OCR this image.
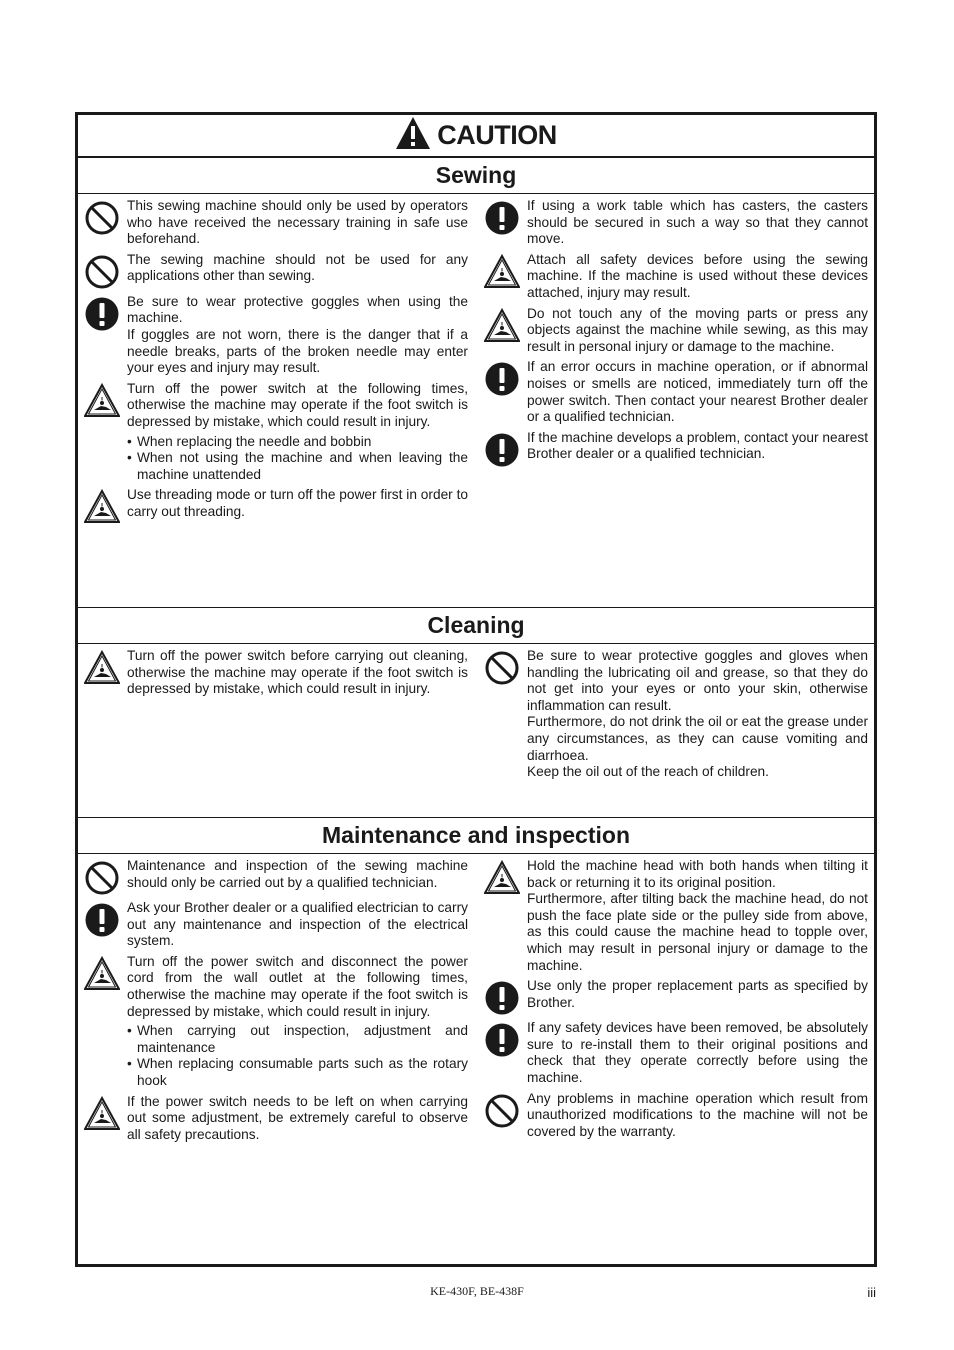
CAUTION
Sewing
This sewing machine should only be used by operators who have received the necessary training in safe use beforehand.
The sewing machine should not be used for any applications other than sewing.
Be sure to wear protective goggles when using the machine.
If goggles are not worn, there is the danger that if a needle breaks, parts of the broken needle may enter your eyes and injury may result.
Turn off the power switch at the following times, otherwise the machine may operate if the foot switch is depressed by mistake, which could result in injury.
• When replacing the needle and bobbin
• When not using the machine and when leaving the machine unattended
Use threading mode or turn off the power first in order to carry out threading.
If using a work table which has casters, the casters should be secured in such a way so that they cannot move.
Attach all safety devices before using the sewing machine. If the machine is used without these devices attached, injury may result.
Do not touch any of the moving parts or press any objects against the machine while sewing, as this may result in personal injury or damage to the machine.
If an error occurs in machine operation, or if abnormal noises or smells are noticed, immediately turn off the power switch. Then contact your nearest Brother dealer or a qualified technician.
If the machine develops a problem, contact your nearest Brother dealer or a qualified technician.
Cleaning
Turn off the power switch before carrying out cleaning, otherwise the machine may operate if the foot switch is depressed by mistake, which could result in injury.
Be sure to wear protective goggles and gloves when handling the lubricating oil and grease, so that they do not get into your eyes or onto your skin, otherwise inflammation can result.
Furthermore, do not drink the oil or eat the grease under any circumstances, as they can cause vomiting and diarrhoea.
Keep the oil out of the reach of children.
Maintenance and inspection
Maintenance and inspection of the sewing machine should only be carried out by a qualified technician.
Ask your Brother dealer or a qualified electrician to carry out any maintenance and inspection of the electrical system.
Turn off the power switch and disconnect the power cord from the wall outlet at the following times, otherwise the machine may operate if the foot switch is depressed by mistake, which could result in injury.
• When carrying out inspection, adjustment and maintenance
• When replacing consumable parts such as the rotary hook
If the power switch needs to be left on when carrying out some adjustment, be extremely careful to observe all safety precautions.
Hold the machine head with both hands when tilting it back or returning it to its original position.
Furthermore, after tilting back the machine head, do not push the face plate side or the pulley side from above, as this could cause the machine head to topple over, which may result in personal injury or damage to the machine.
Use only the proper replacement parts as specified by Brother.
If any safety devices have been removed, be absolutely sure to re-install them to their original positions and check that they operate correctly before using the machine.
Any problems in machine operation which result from unauthorized modifications to the machine will not be covered by the warranty.
KE-430F, BE-438F	iii
